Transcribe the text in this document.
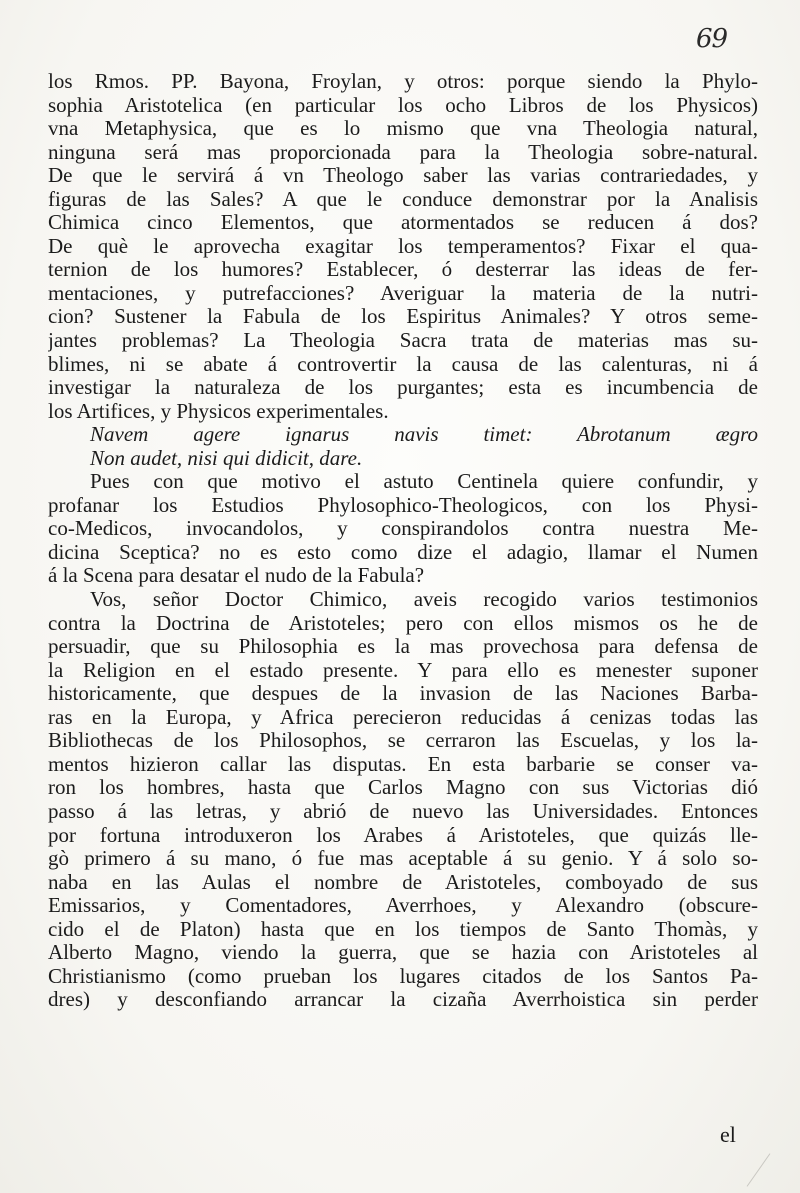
69
los Rmos. PP. Bayona, Froylan, y otros: porque siendo la Phylo-
sophia Aristotelica (en particular los ocho Libros de los Physicos)
vna Metaphysica, que es lo mismo que vna Theologia natural,
ninguna será mas proporcionada para la Theologia sobre-natural.
De que le servirá á vn Theologo saber las varias contrariedades, y
figuras de las Sales? A que le conduce demonstrar por la Analisis
Chimica cinco Elementos, que atormentados se reducen á dos?
De què le aprovecha exagitar los temperamentos? Fixar el qua-
ternion de los humores? Establecer, ó desterrar las ideas de fer-
mentaciones, y putrefacciones? Averiguar la materia de la nutri-
cion? Sustener la Fabula de los Espiritus Animales? Y otros seme-
jantes problemas? La Theologia Sacra trata de materias mas su-
blimes, ni se abate á controvertir la causa de las calenturas, ni á
investigar la naturaleza de los purgantes; esta es incumbencia de
los Artifices, y Physicos experimentales.
Navem agere ignarus navis timet: Abrotanum ægro
Non audet, nisi qui didicit, dare.
Pues con que motivo el astuto Centinela quiere confundir, y
profanar los Estudios Phylosophico-Theologicos, con los Physi-
co-Medicos, invocandolos, y conspirandolos contra nuestra Me-
dicina Sceptica? no es esto como dize el adagio, llamar el Numen
á la Scena para desatar el nudo de la Fabula?
Vos, señor Doctor Chimico, aveis recogido varios testimonios
contra la Doctrina de Aristoteles; pero con ellos mismos os he de
persuadir, que su Philosophia es la mas provechosa para defensa de
la Religion en el estado presente. Y para ello es menester suponer
historicamente, que despues de la invasion de las Naciones Barba-
ras en la Europa, y Africa perecieron reducidas á cenizas todas las
Bibliothecas de los Philosophos, se cerraron las Escuelas, y los la-
mentos hizieron callar las disputas. En esta barbarie se conser va-
ron los hombres, hasta que Carlos Magno con sus Victorias dió
passo á las letras, y abrió de nuevo las Universidades. Entonces
por fortuna introduxeron los Arabes á Aristoteles, que quizás lle-
gò primero á su mano, ó fue mas aceptable á su genio. Y á solo so-
naba en las Aulas el nombre de Aristoteles, comboyado de sus
Emissarios, y Comentadores, Averrhoes, y Alexandro (obscure-
cido el de Platon) hasta que en los tiempos de Santo Thomàs, y
Alberto Magno, viendo la guerra, que se hazia con Aristoteles al
Christianismo (como prueban los lugares citados de los Santos Pa-
dres) y desconfiando arrancar la cizaña Averrhoistica sin perder
el
